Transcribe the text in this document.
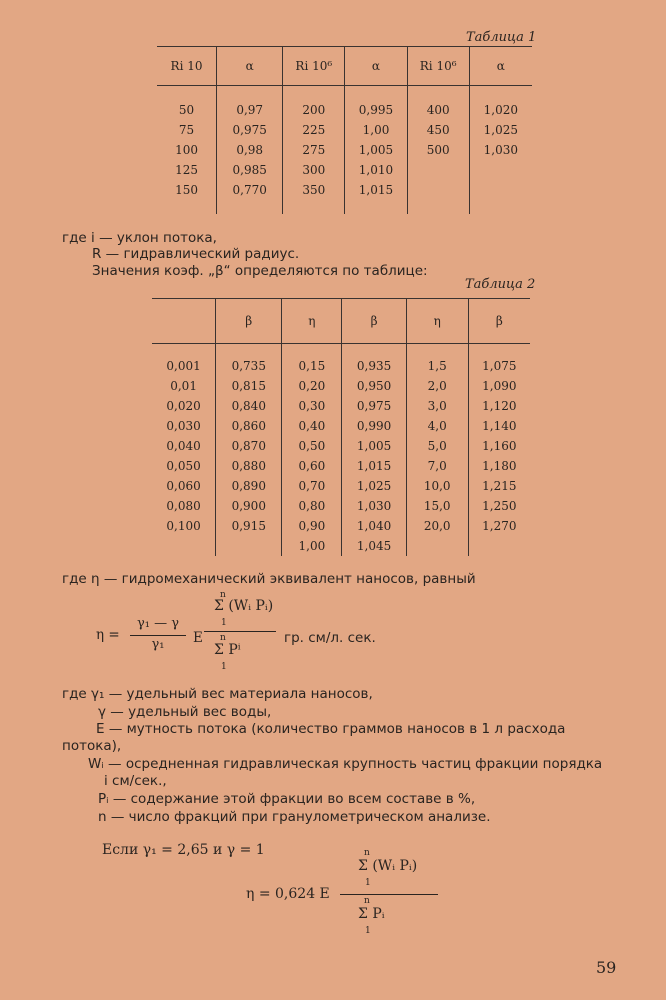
Таблица 1
Ri 10	α	Ri 10⁶	α	Ri 10⁶	α

50	0,97	200	0,995	400	1,020
75	0,975	225	1,00	450	1,025
100	0,98	275	1,005	500	1,030
125	0,985	300	1,010		
150	0,770	350	1,015		

где i — уклон потока,
R — гидравлический радиус.
Значения коэф. „β“ определяются по таблице:
Таблица 2
	β	η	β	η	β

0,001	0,735	0,15	0,935	1,5	1,075
0,01	0,815	0,20	0,950	2,0	1,090
0,020	0,840	0,30	0,975	3,0	1,120
0,030	0,860	0,40	0,990	4,0	1,140
0,040	0,870	0,50	1,005	5,0	1,160
0,050	0,880	0,60	1,015	7,0	1,180
0,060	0,890	0,70	1,025	10,0	1,215
0,080	0,900	0,80	1,030	15,0	1,250
0,100	0,915	0,90	1,040	20,0	1,270
		1,00	1,045		
где η — гидромеханический эквивалент наносов, равный
η =
γ₁ — γ
γ₁	E
n
Σ (Wᵢ Pᵢ)
1
n
Σ Pⁱ
1
гр. см/л. сек.
где γ₁ — удельный вес материала наносов,
γ — удельный вес воды,
E — мутность потока (количество граммов наносов в 1 л расхода
потока),
Wᵢ — осредненная гидравлическая крупность частиц фракции порядка
i см/сек.,
Pᵢ — содержание этой фракции во всем составе в %,
n — число фракций при гранулометрическом анализе.
Если γ₁ = 2,65 и γ = 1
η = 0,624 E
n
Σ (Wᵢ Pᵢ)
1
n
Σ Pᵢ
1
59
